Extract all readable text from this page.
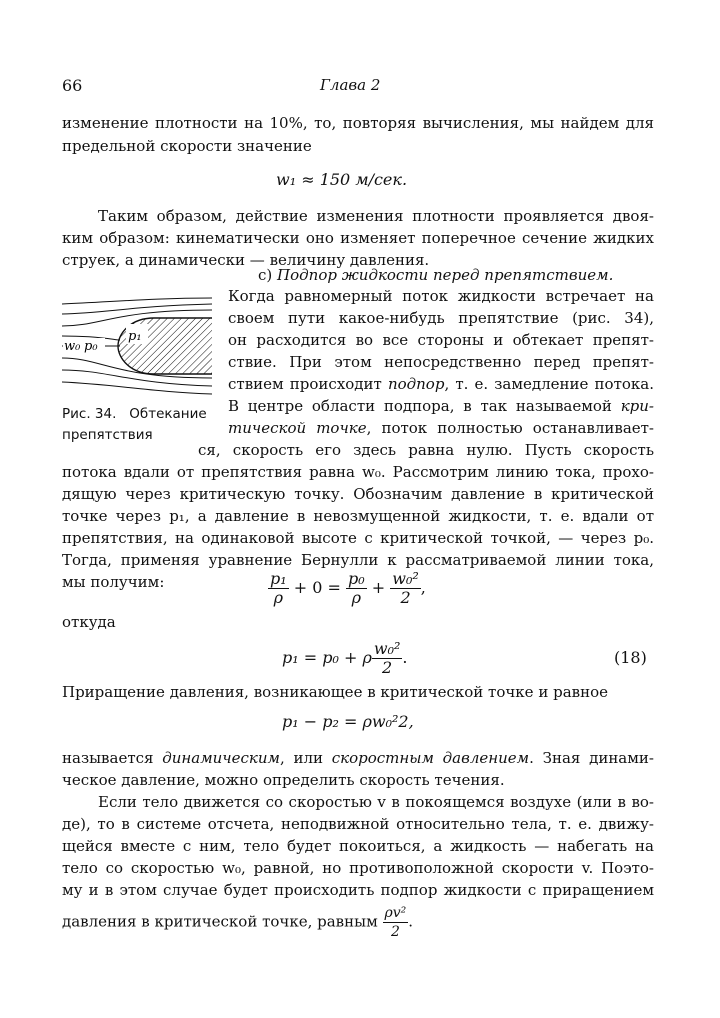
66	Глава 2
изменение плотности на 10%, то, повторяя вычисления, мы найдем для
предельной скорости значение
w₁ ≈ 150 м/сек.
Таким образом, действие изменения плотности проявляется двоя-
ким образом: кинематически оно изменяет поперечное сечение жидких
струек, а динамически — величину давления.
c) Подпор жидкости перед препятствием.
p₁
w₀ p₀
Рис. 34.   Обтекание
препятствия
Когда равномерный поток жидкости встречает на
своем пути какое-нибудь препятствие (рис. 34),
он расходится во все стороны и обтекает препят-
ствие. При этом непосредственно перед препят-
ствием происходит подпор, т. е. замедление потока.
В центре области подпора, в так называемой кри-
тической точке, поток полностью останавливает-
ся, скорость его здесь равна нулю. Пусть скорость
потока вдали от препятствия равна w₀. Рассмотрим линию тока, прохо-
дящую через критическую точку. Обозначим давление в критической
точке через p₁, а давление в невозмущенной жидкости, т. е. вдали от
препятствия, на одинаковой высоте с критической точкой, — через p₀.
Тогда, применяя уравнение Бернулли к рассматриваемой линии тока,
мы получим:	$\frac{\text{p₁}}{\rho} + 0 = \frac{\text{p₀}}{\rho} + \frac{\text{w₀²}}{2}$ ,
откуда
p₁ = p₀ + ρ $\frac{\text{w₀²}}{2}$ .	(18)
Приращение давления, возникающее в критической точке и равное
p₁ − p₂ = ρw₀²2,
называется динамическим, или скоростным давлением. Зная динами-
ческое давление, можно определить скорость течения.
Если тело движется со скоростью v в покоящемся воздухе (или в во-
де), то в системе отсчета, неподвижной относительно тела, т. е. движу-
щейся вместе с ним, тело будет покоиться, а жидкость — набегать на
тело со скоростью w₀, равной, но противоположной скорости v. Поэто-
му и в этом случае будет происходить подпор жидкости с приращением
давления в критической точке, равным $\frac{\text{ρv²}}{2}$ .
